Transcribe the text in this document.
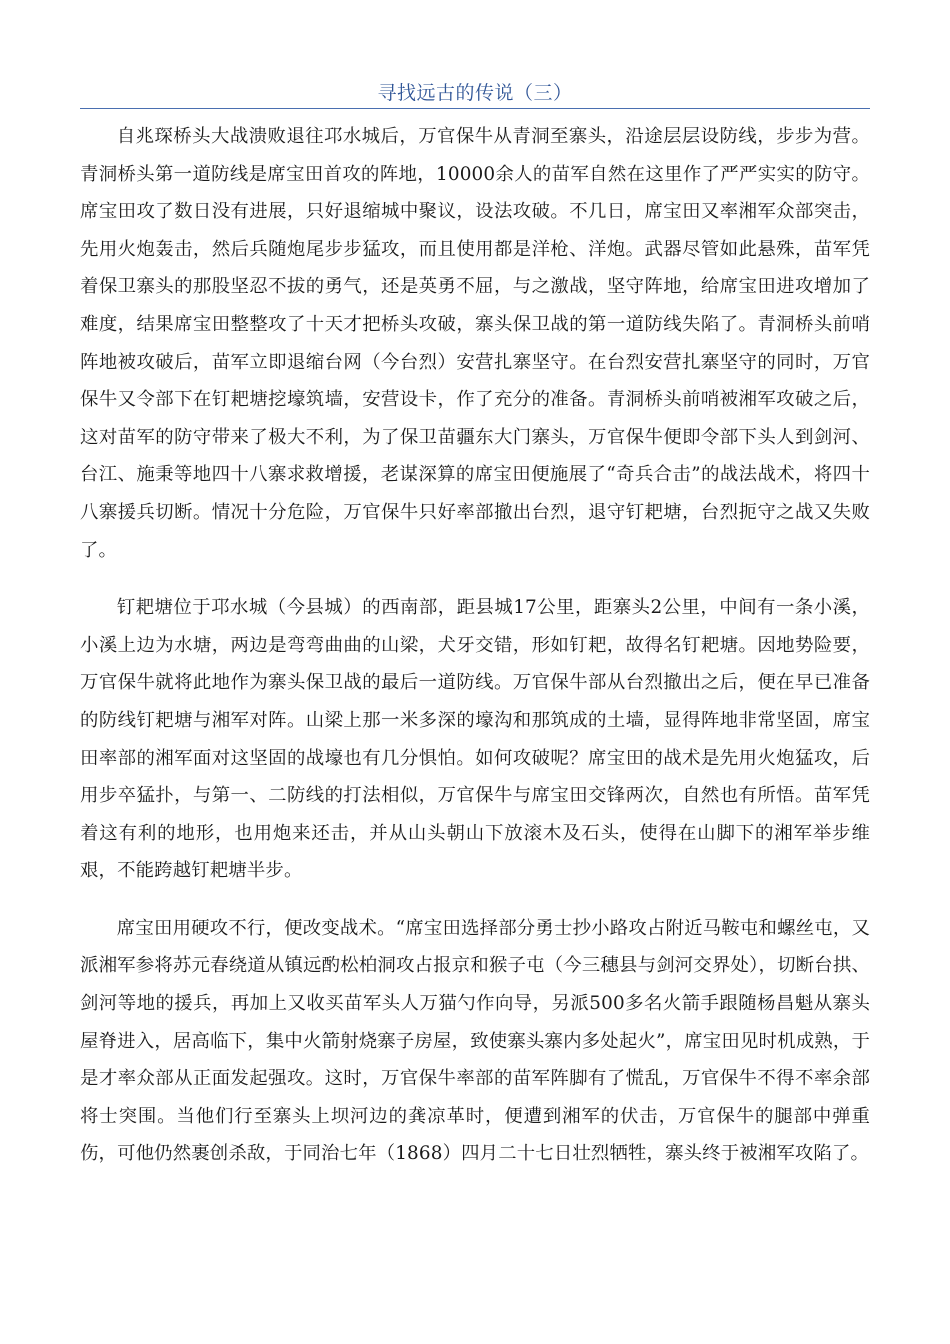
寻找远古的传说（三）

自兆琛桥头大战溃败退往邛水城后，万官保牛从青洞至寨头，沿途层层设防线，步步为营。青洞桥头第一道防线是席宝田首攻的阵地，10000余人的苗军自然在这里作了严严实实的防守。席宝田攻了数日没有进展，只好退缩城中聚议，设法攻破。不几日，席宝田又率湘军众部突击，先用火炮轰击，然后兵随炮尾步步猛攻，而且使用都是洋枪、洋炮。武器尽管如此悬殊，苗军凭着保卫寨头的那股坚忍不拔的勇气，还是英勇不屈，与之激战，坚守阵地，给席宝田进攻增加了难度，结果席宝田整整攻了十天才把桥头攻破，寨头保卫战的第一道防线失陷了。青洞桥头前哨阵地被攻破后，苗军立即退缩台网（今台烈）安营扎寨坚守。在台烈安营扎寨坚守的同时，万官保牛又令部下在钉耙塘挖壕筑墙，安营设卡，作了充分的准备。青洞桥头前哨被湘军攻破之后，这对苗军的防守带来了极大不利，为了保卫苗疆东大门寨头，万官保牛便即令部下头人到剑河、台江、施秉等地四十八寨求救增援，老谋深算的席宝田便施展了“奇兵合击”的战法战术，将四十八寨援兵切断。情况十分危险，万官保牛只好率部撤出台烈，退守钉耙塘，台烈扼守之战又失败了。

钉耙塘位于邛水城（今县城）的西南部，距县城17公里，距寨头2公里，中间有一条小溪，小溪上边为水塘，两边是弯弯曲曲的山梁，犬牙交错，形如钉耙，故得名钉耙塘。因地势险要，万官保牛就将此地作为寨头保卫战的最后一道防线。万官保牛部从台烈撤出之后，便在早已准备的防线钉耙塘与湘军对阵。山梁上那一米多深的壕沟和那筑成的土墙，显得阵地非常坚固，席宝田率部的湘军面对这坚固的战壕也有几分惧怕。如何攻破呢？席宝田的战术是先用火炮猛攻，后用步卒猛扑，与第一、二防线的打法相似，万官保牛与席宝田交锋两次，自然也有所悟。苗军凭着这有利的地形，也用炮来还击，并从山头朝山下放滚木及石头，使得在山脚下的湘军举步维艰，不能跨越钉耙塘半步。

席宝田用硬攻不行，便改变战术。“席宝田选择部分勇士抄小路攻占附近马鞍屯和螺丝屯，又派湘军参将苏元春绕道从镇远酌松柏洞攻占报京和猴子屯（今三穗县与剑河交界处），切断台拱、剑河等地的援兵，再加上又收买苗军头人万猫勺作向导，另派500多名火箭手跟随杨昌魁从寨头屋脊进入，居高临下，集中火箭射烧寨子房屋，致使寨头寨内多处起火”，席宝田见时机成熟，于是才率众部从正面发起强攻。这时，万官保牛率部的苗军阵脚有了慌乱，万官保牛不得不率余部将士突围。当他们行至寨头上坝河边的龚凉革时，便遭到湘军的伏击，万官保牛的腿部中弹重伤，可他仍然裹创杀敌，于同治七年（1868）四月二十七日壮烈牺牲，寨头终于被湘军攻陷了。
